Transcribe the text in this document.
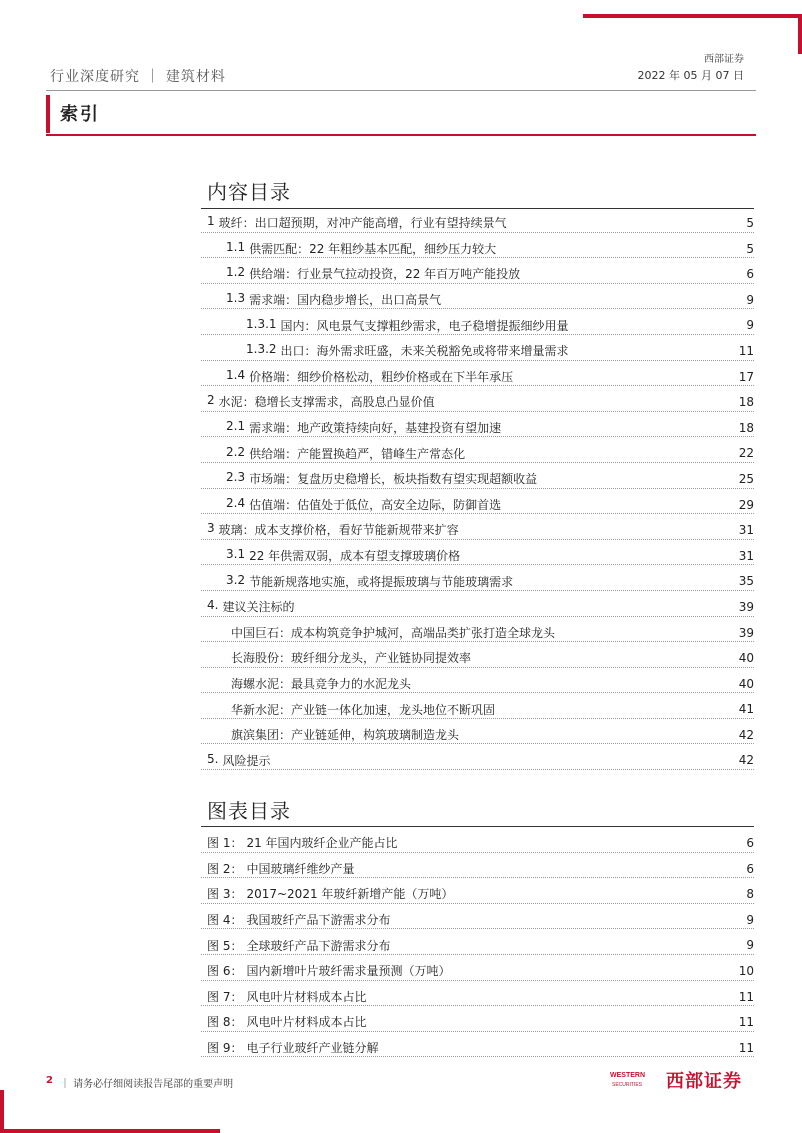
行业深度研究 ｜ 建筑材料
西部证券
2022 年 05 月 07 日
索引
内容目录
1 玻纤：出口超预期，对冲产能高增，行业有望持续景气	5
1.1 供需匹配：22 年粗纱基本匹配，细纱压力较大	5
1.2 供给端：行业景气拉动投资，22 年百万吨产能投放	6
1.3 需求端：国内稳步增长，出口高景气	9
1.3.1 国内：风电景气支撑粗纱需求，电子稳增提振细纱用量	9
1.3.2 出口：海外需求旺盛，未来关税豁免或将带来增量需求	11
1.4 价格端：细纱价格松动，粗纱价格或在下半年承压	17
2 水泥：稳增长支撑需求，高股息凸显价值	18
2.1 需求端：地产政策持续向好，基建投资有望加速	18
2.2 供给端：产能置换趋严，错峰生产常态化	22
2.3 市场端：复盘历史稳增长，板块指数有望实现超额收益	25
2.4 估值端：估值处于低位，高安全边际，防御首选	29
3 玻璃：成本支撑价格，看好节能新规带来扩容	31
3.1 22 年供需双弱，成本有望支撑玻璃价格	31
3.2 节能新规落地实施，或将提振玻璃与节能玻璃需求	35
4. 建议关注标的	39
中国巨石：成本构筑竞争护城河，高端品类扩张打造全球龙头	39
长海股份：玻纤细分龙头，产业链协同提效率	40
海螺水泥：最具竞争力的水泥龙头	40
华新水泥：产业链一体化加速，龙头地位不断巩固	41
旗滨集团：产业链延伸，构筑玻璃制造龙头	42
5. 风险提示	42
图表目录
图 1： 21 年国内玻纤企业产能占比	6
图 2： 中国玻璃纤维纱产量	6
图 3： 2017~2021 年玻纤新增产能（万吨）	8
图 4： 我国玻纤产品下游需求分布	9
图 5： 全球玻纤产品下游需求分布	9
图 6： 国内新增叶片玻纤需求量预测（万吨）	10
图 7： 风电叶片材料成本占比	11
图 8： 风电叶片材料成本占比	11
图 9： 电子行业玻纤产业链分解	11
2 ｜ 请务必仔细阅读报告尾部的重要声明
WESTERN
SECURITIES 西部证券
